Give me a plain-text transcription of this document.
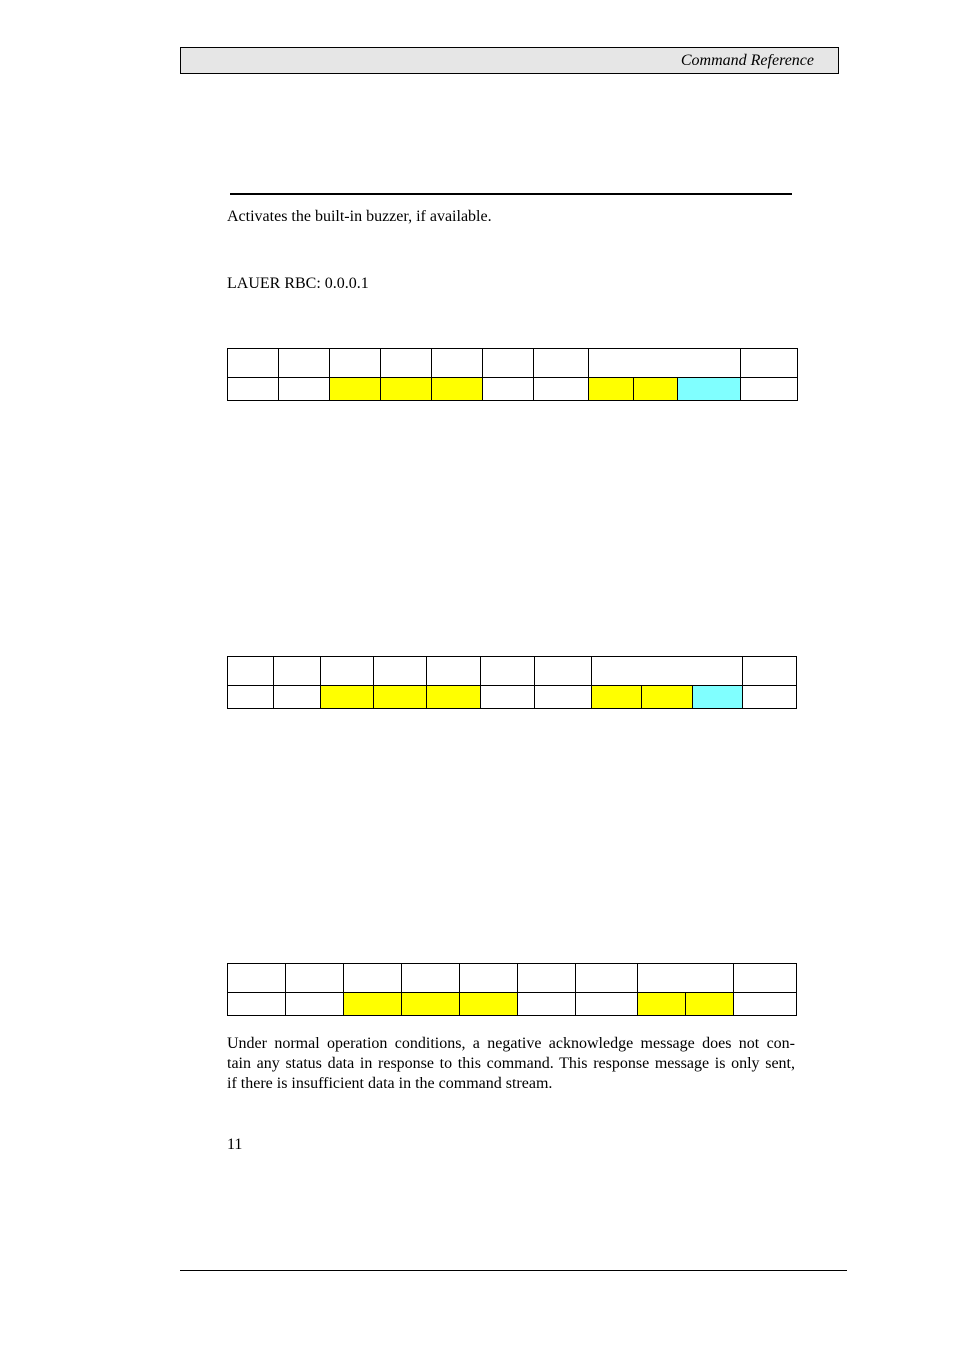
Command Reference
Activates the built-in buzzer, if available.
LAUER RBC: 0.0.0.1

Under normal operation conditions, a negative acknowledge message does not con-
tain any status data in response to this command. This response message is only sent,
if there is insufficient data in the command stream.
11
